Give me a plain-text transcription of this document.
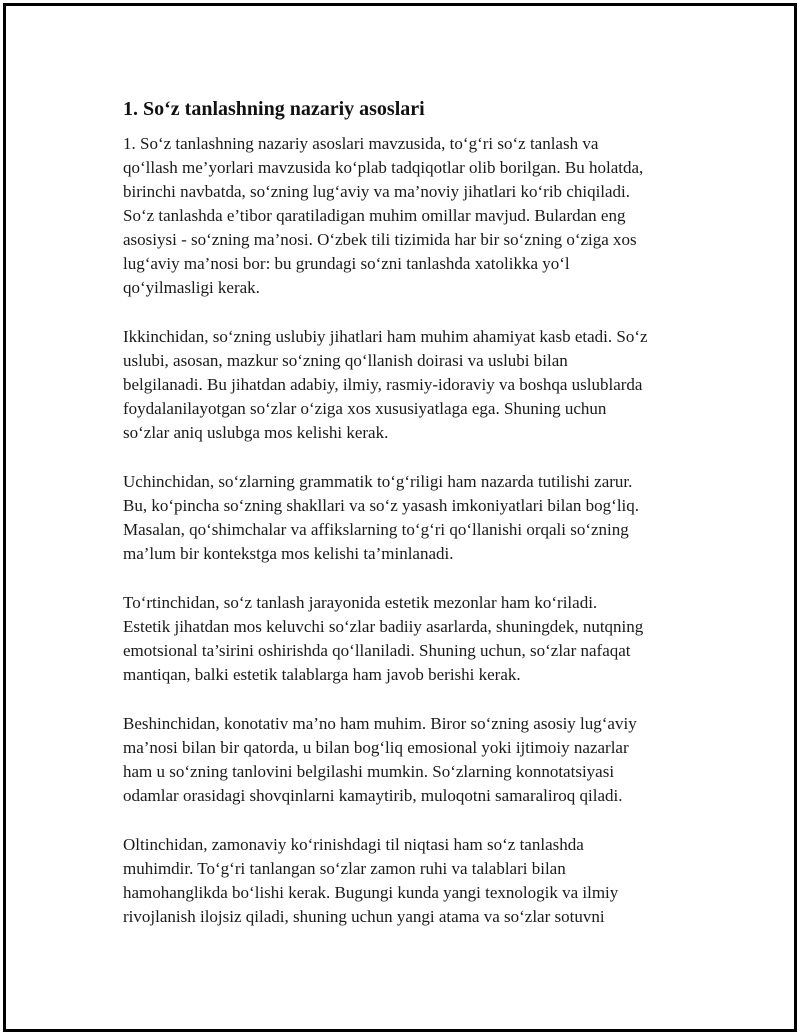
1. So‘z tanlashning nazariy asoslari

1. So‘z tanlashning nazariy asoslari mavzusida, to‘g‘ri so‘z tanlash va
qo‘llash me’yorlari mavzusida ko‘plab tadqiqotlar olib borilgan. Bu holatda,
birinchi navbatda, so‘zning lug‘aviy va ma’noviy jihatlari ko‘rib chiqiladi.
So‘z tanlashda e’tibor qaratiladigan muhim omillar mavjud. Bulardan eng
asosiysi - so‘zning ma’nosi. O‘zbek tili tizimida har bir so‘zning o‘ziga xos
lug‘aviy ma’nosi bor: bu grundagi so‘zni tanlashda xatolikka yo‘l
qo‘yilmasligi kerak.

Ikkinchidan, so‘zning uslubiy jihatlari ham muhim ahamiyat kasb etadi. So‘z
uslubi, asosan, mazkur so‘zning qo‘llanish doirasi va uslubi bilan
belgilanadi. Bu jihatdan adabiy, ilmiy, rasmiy-idoraviy va boshqa uslublarda
foydalanilayotgan so‘zlar o‘ziga xos xususiyatlaga ega. Shuning uchun
so‘zlar aniq uslubga mos kelishi kerak.

Uchinchidan, so‘zlarning grammatik to‘g‘riligi ham nazarda tutilishi zarur.
Bu, ko‘pincha so‘zning shakllari va so‘z yasash imkoniyatlari bilan bog‘liq.
Masalan, qo‘shimchalar va affikslarning to‘g‘ri qo‘llanishi orqali so‘zning
ma’lum bir kontekstga mos kelishi ta’minlanadi.

To‘rtinchidan, so‘z tanlash jarayonida estetik mezonlar ham ko‘riladi.
Estetik jihatdan mos keluvchi so‘zlar badiiy asarlarda, shuningdek, nutqning
emotsional ta’sirini oshirishda qo‘llaniladi. Shuning uchun, so‘zlar nafaqat
mantiqan, balki estetik talablarga ham javob berishi kerak.

Beshinchidan, konotativ ma’no ham muhim. Biror so‘zning asosiy lug‘aviy
ma’nosi bilan bir qatorda, u bilan bog‘liq emosional yoki ijtimoiy nazarlar
ham u so‘zning tanlovini belgilashi mumkin. So‘zlarning konnotatsiyasi
odamlar orasidagi shovqinlarni kamaytirib, muloqotni samaraliroq qiladi.

Oltinchidan, zamonaviy ko‘rinishdagi til niqtasi ham so‘z tanlashda
muhimdir. To‘g‘ri tanlangan so‘zlar zamon ruhi va talablari bilan
hamohanglikda bo‘lishi kerak. Bugungi kunda yangi texnologik va ilmiy
rivojlanish ilojsiz qiladi, shuning uchun yangi atama va so‘zlar sotuvni
